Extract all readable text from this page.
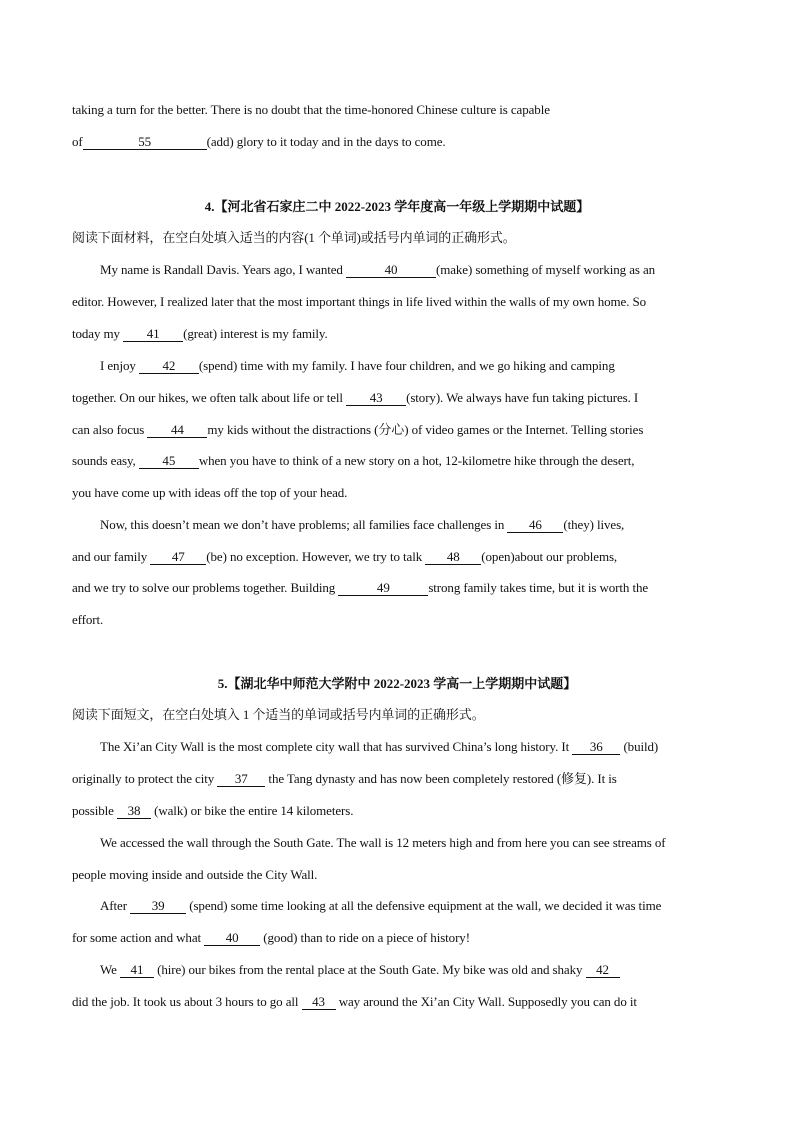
taking a turn for the better. There is no doubt that the time-honored Chinese culture is capable
of	55	(add) glory to it today and in the days to come.
4.【河北省石家庄二中 2022-2023 学年度高一年级上学期期中试题】
阅读下面材料，在空白处填入适当的内容(1 个单词)或括号内单词的正确形式。
My name is Randall Davis. Years ago, I wanted	40	(make) something of myself working as an
editor. However, I realized later that the most important things in life lived within the walls of my own home. So
today my 41 (great) interest is my family.
I enjoy 42 (spend) time with my family. I have four children, and we go hiking and camping
together. On our hikes, we often talk about life or tell 43 (story). We always have fun taking pictures. I
can also focus 44 my kids without the distractions (分心) of video games or the Internet. Telling stories
sounds easy, 45 when you have to think of a new story on a hot, 12-kilometre hike through the desert,
you have come up with ideas off the top of your head.
Now, this doesn’t mean we don’t have problems; all families face challenges in 46 (they) lives,
and our family 47 (be) no exception. However, we try to talk 48 (open)about our problems,
and we try to solve our problems together. Building	49	strong family takes time, but it is worth the
effort.
5.【湖北华中师范大学附中 2022-2023 学高一上学期期中试题】
阅读下面短文，在空白处填入 1 个适当的单词或括号内单词的正确形式。
The Xi’an City Wall is the most complete city wall that has survived China’s long history. It 36 (build)
originally to protect the city 37 the Tang dynasty and has now been completely restored (修复). It is
possible 38 (walk) or bike the entire 14 kilometers.
We accessed the wall through the South Gate. The wall is 12 meters high and from here you can see streams of
people moving inside and outside the City Wall.
After 39 (spend) some time looking at all the defensive equipment at the wall, we decided it was time
for some action and what 40 (good) than to ride on a piece of history!
We 41 (hire) our bikes from the rental place at the South Gate. My bike was old and shaky 42
did the job. It took us about 3 hours to go all 43 way around the Xi’an City Wall. Supposedly you can do it
